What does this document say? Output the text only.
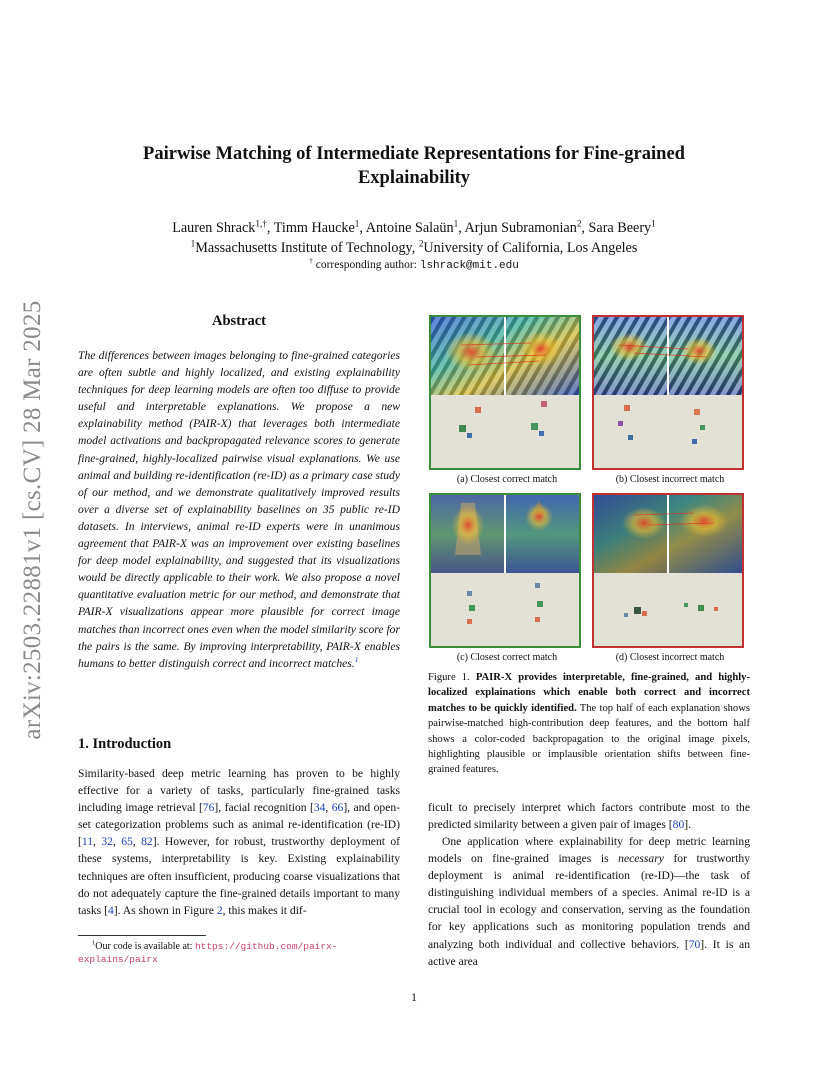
arXiv:2503.22881v1 [cs.CV] 28 Mar 2025
Pairwise Matching of Intermediate Representations for Fine-grained Explainability
Lauren Shrack$^{1,\dagger}$, Timm Haucke$^1$, Antoine Salaün$^1$, Arjun Subramonian$^2$, Sara Beery$^1$
$^1$Massachusetts Institute of Technology, $^2$University of California, Los Angeles
† corresponding author: lshrack@mit.edu
Abstract
The differences between images belonging to fine-grained categories are often subtle and highly localized, and existing explainability techniques for deep learning models are often too diffuse to provide useful and interpretable explanations. We propose a new explainability method (PAIR-X) that leverages both intermediate model activations and backpropagated relevance scores to generate fine-grained, highly-localized pairwise visual explanations. We use animal and building re-identification (re-ID) as a primary case study of our method, and we demonstrate qualitatively improved results over a diverse set of explainability baselines on 35 public re-ID datasets. In interviews, animal re-ID experts were in unanimous agreement that PAIR-X was an improvement over existing baselines for deep model explainability, and suggested that its visualizations would be directly applicable to their work. We also propose a novel quantitative evaluation metric for our method, and demonstrate that PAIR-X visualizations appear more plausible for correct image matches than incorrect ones even when the model similarity score for the pairs is the same. By improving interpretability, PAIR-X enables humans to better distinguish correct and incorrect matches.$^1$
1. Introduction
Similarity-based deep metric learning has proven to be highly effective for a variety of tasks, particularly fine-grained tasks including image retrieval [76], facial recognition [34, 66], and open-set categorization problems such as animal re-identification (re-ID) [11, 32, 65, 82]. However, for robust, trustworthy deployment of these systems, interpretability is key. Existing explainability techniques are often insufficient, producing coarse visualizations that do not adequately capture the fine-grained details important to many tasks [4]. As shown in Figure 2, this makes it dif-
$^1$Our code is available at: https://github.com/pairx-explains/pairx
(a) Closest correct match	(b) Closest incorrect match
(c) Closest correct match	(d) Closest incorrect match
Figure 1. PAIR-X provides interpretable, fine-grained, and highly-localized explainations which enable both correct and incorrect matches to be quickly identified. The top half of each explanation shows pairwise-matched high-contribution deep features, and the bottom half shows a color-coded backpropagation to the original image pixels, highlighting plausible or implausible orientation shifts between fine-grained features.
ficult to precisely interpret which factors contribute most to the predicted similarity between a given pair of images [80].
One application where explainability for deep metric learning models on fine-grained images is necessary for trustworthy deployment is animal re-identification (re-ID)—the task of distinguishing individual members of a species. Animal re-ID is a crucial tool in ecology and conservation, serving as the foundation for key applications such as monitoring population trends and analyzing both individual and collective behaviors. [70]. It is an active area
1
